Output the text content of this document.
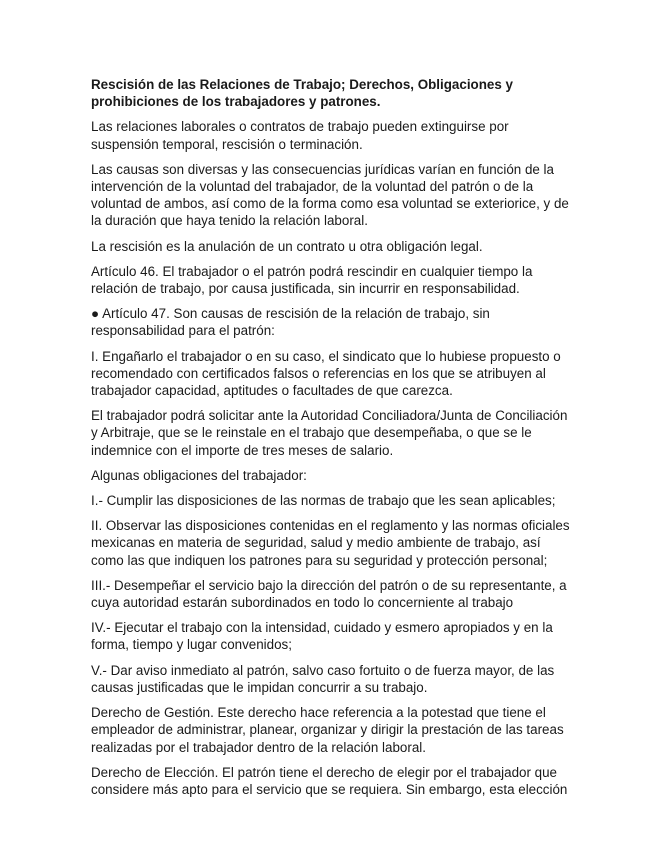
Rescisión de las Relaciones de Trabajo; Derechos, Obligaciones y prohibiciones de los trabajadores y patrones.

Las relaciones laborales o contratos de trabajo pueden extinguirse por suspensión temporal, rescisión o terminación.

Las causas son diversas y las consecuencias jurídicas varían en función de la intervención de la voluntad del trabajador, de la voluntad del patrón o de la voluntad de ambos, así como de la forma como esa voluntad se exteriorice, y de la duración que haya tenido la relación laboral.

La rescisión es la anulación de un contrato u otra obligación legal.

Artículo 46. El trabajador o el patrón podrá rescindir en cualquier tiempo la relación de trabajo, por causa justificada, sin incurrir en responsabilidad.

● Artículo 47. Son causas de rescisión de la relación de trabajo, sin responsabilidad para el patrón:

I. Engañarlo el trabajador o en su caso, el sindicato que lo hubiese propuesto o recomendado con certificados falsos o referencias en los que se atribuyen al trabajador capacidad, aptitudes o facultades de que carezca.

El trabajador podrá solicitar ante la Autoridad Conciliadora/Junta de Conciliación y Arbitraje, que se le reinstale en el trabajo que desempeñaba, o que se le indemnice con el importe de tres meses de salario.

Algunas obligaciones del trabajador:

I.- Cumplir las disposiciones de las normas de trabajo que les sean aplicables;

II. Observar las disposiciones contenidas en el reglamento y las normas oficiales mexicanas en materia de seguridad, salud y medio ambiente de trabajo, así como las que indiquen los patrones para su seguridad y protección personal;

III.- Desempeñar el servicio bajo la dirección del patrón o de su representante, a cuya autoridad estarán subordinados en todo lo concerniente al trabajo

IV.- Ejecutar el trabajo con la intensidad, cuidado y esmero apropiados y en la forma, tiempo y lugar convenidos;

V.- Dar aviso inmediato al patrón, salvo caso fortuito o de fuerza mayor, de las causas justificadas que le impidan concurrir a su trabajo.

Derecho de Gestión. Este derecho hace referencia a la potestad que tiene el empleador de administrar, planear, organizar y dirigir la prestación de las tareas realizadas por el trabajador dentro de la relación laboral.

Derecho de Elección. El patrón tiene el derecho de elegir por el trabajador que considere más apto para el servicio que se requiera. Sin embargo, esta elección
